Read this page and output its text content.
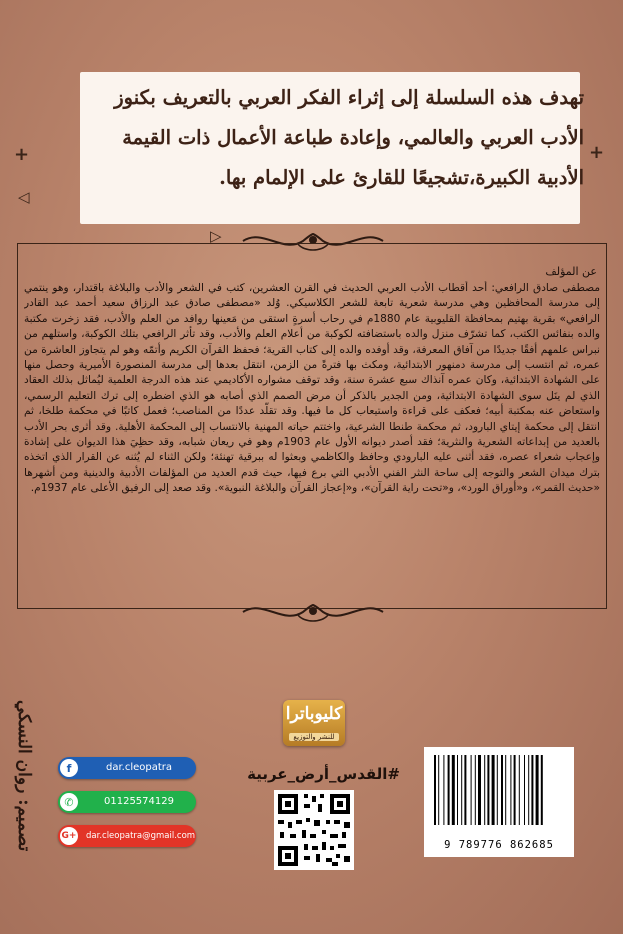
+	+
◁
▷

تهدف هذه السلسلة إلى إثراء الفكر العربي بالتعريف بكنوز الأدب العربي والعالمي، وإعادة طباعة الأعمال ذات القيمة الأدبية الكبيرة،تشجيعًا للقارئ على الإلمام بها.

عن المؤلف

مصطفى صادق الرافعي: أحد أقطاب الأدب العربي الحديث في القرن العشرين، كتب في الشعر والأدب والبلاغة باقتدار، وهو ينتمي إلى مدرسة المحافظين وهي مدرسة شعرية تابعة للشعر الكلاسيكي. وُلد «مصطفى صادق عبد الرزاق سعيد أحمد عبد القادر الرافعي» بقرية بهتيم بمحافظة القليوبية عام 1880م في رحاب أسرةٍ استقى من مَعينها روافد من العلم والأدب، فقد زخرت مكتبة والده بنفائس الكتب، كما تشرّف منزل والده باستضافته لكوكبة من أعلام العلم والأدب، وقد تأثر الرافعي بتلك الكوكبة، واستلهم من نبراس علمهم أفقًا جديدًا من آفاق المعرفة، وقد أوفده والده إلى كتاب القرية؛ فحفظ القرآن الكريم وأتمّه وهو لم يتجاوز العاشرة من عمره، ثم انتسب إلى مدرسة دمنهور الابتدائية، ومكث بها فترةً من الزمن، انتقل بعدها إلى مدرسة المنصورة الأميرية وحصل منها على الشهادة الابتدائية، وكان عمره آنذاك سبع عشرة سنة، وقد توقف مشواره الأكاديمي عند هذه الدرجة العلمية ليُماثل بذلك العقاد الذي لم ينَل سوى الشهادة الابتدائية، ومن الجدير بالذكر أن مرض الصمم الذي أصابه هو الذي اضطره إلى ترك التعليم الرسمي، واستعاض عنه بمكتبة أبيه؛ فعكف على قراءة واستيعاب كل ما فيها. وقد تقلّد عددًا من المناصب؛ فعمل كاتبًا في محكمة طلخا، ثم انتقل إلى محكمة إيتاي البارود، ثم محكمة طنطا الشرعية، واختتم حياته المهنية بالانتساب إلى المحكمة الأهلية. وقد أثرى بحر الأدب بالعديد من إبداعاته الشعرية والنثرية؛ فقد أصدر ديوانه الأول عام 1903م وهو في ريعان شبابه، وقد حظِيَ هذا الديوان على إشادة وإعجاب شعراء عصره، فقد أثنى عليه البارودي وحافظ والكاظمي وبعثوا له ببرقية تهنئة؛ ولكن الثناء لم يُثنه عن القرار الذي اتخذه بترك ميدان الشعر والتوجه إلى ساحة النثر الفني الأدبي التي برع فيها، حيث قدم العديد من المؤلفات الأدبية والدينية ومن أشهرها «حديث القمر»، و«أوراق الورد»، و«تحت راية القرآن»، و«إعجاز القرآن والبلاغة النبوية». وقد صعد إلى الرفيق الأعلى عام 1937م.

تصميم: روان النسكي	f	dar.cleopatra
✆	01125574129
G+ dar.cleopatra@gmail.com
كليوباترا
للنشر والتوزيع
#القدس_أرض_عربية
9 789776 862685
